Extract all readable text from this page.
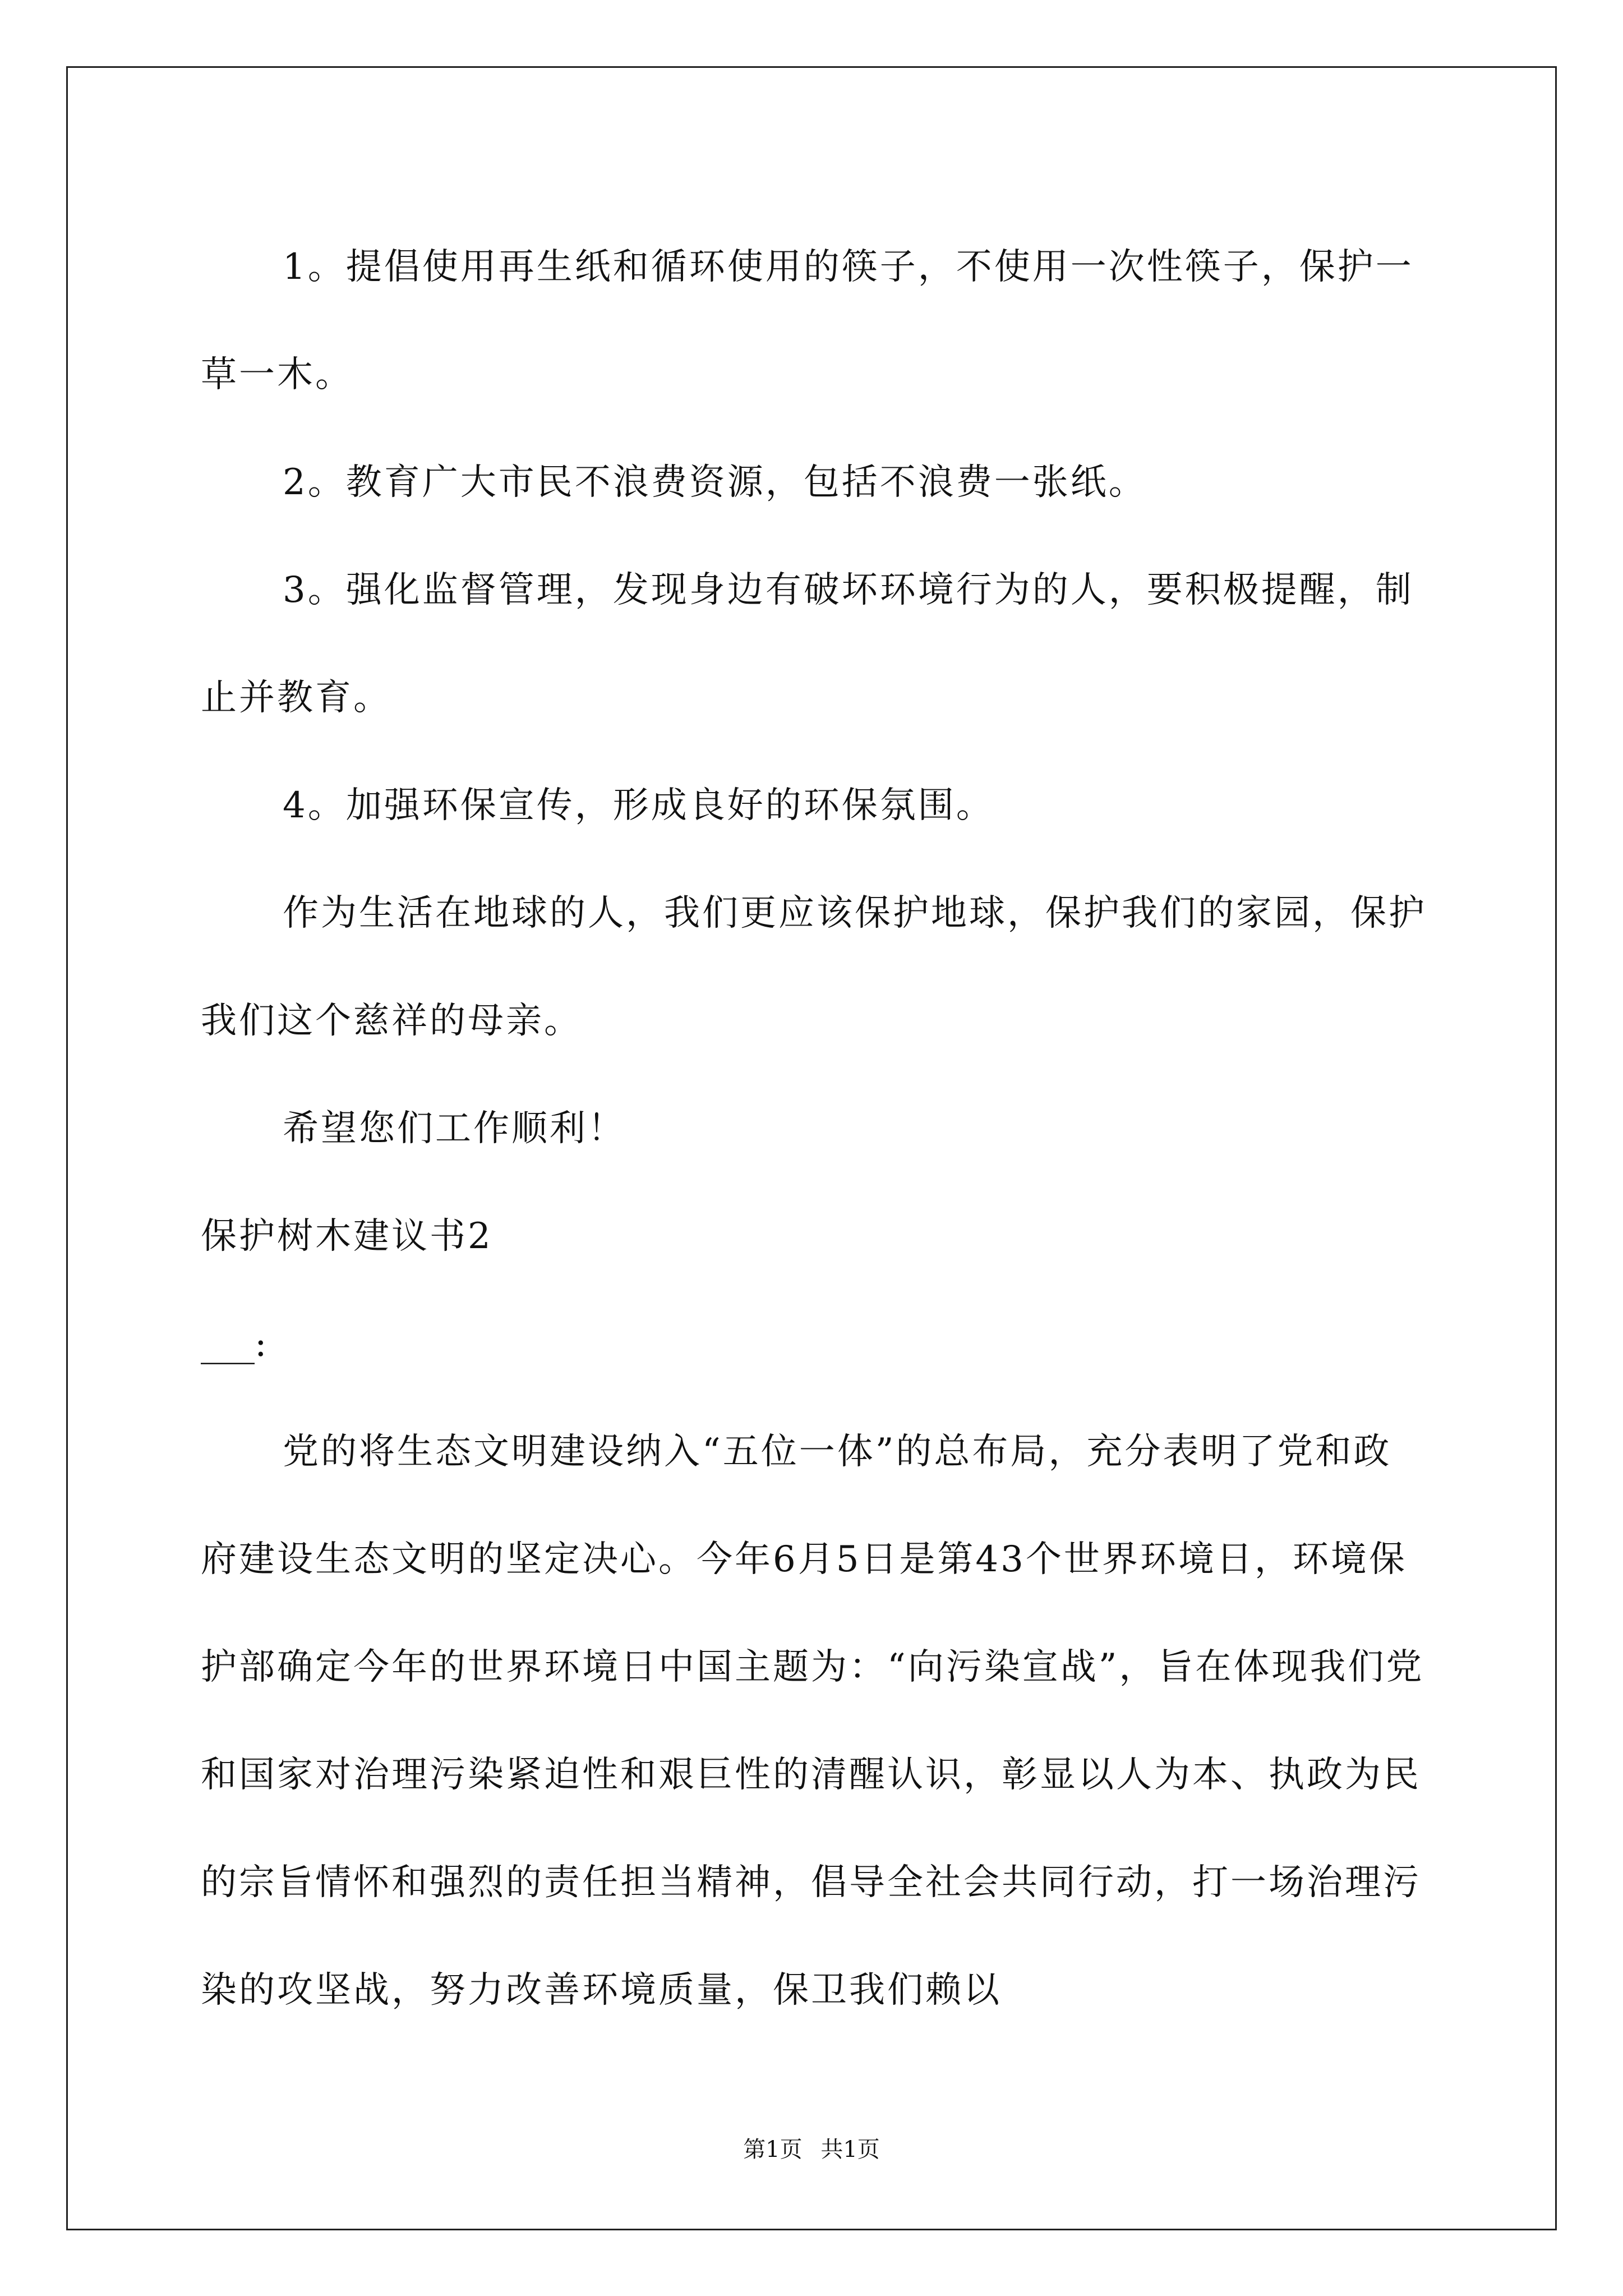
1。提倡使用再生纸和循环使用的筷子，不使用一次性筷子，保护一草一木。

2。教育广大市民不浪费资源，包括不浪费一张纸。

3。强化监督管理，发现身边有破坏环境行为的人，要积极提醒，制止并教育。

4。加强环保宣传，形成良好的环保氛围。

作为生活在地球的人，我们更应该保护地球，保护我们的家园，保护我们这个慈祥的母亲。

希望您们工作顺利！

保护树木建议书2

___:

党的将生态文明建设纳入“五位一体”的总布局，充分表明了党和政府建设生态文明的坚定决心。今年6月5日是第43个世界环境日，环境保护部确定今年的世界环境日中国主题为：“向污染宣战”，旨在体现我们党和国家对治理污染紧迫性和艰巨性的清醒认识，彰显以人为本、执政为民的宗旨情怀和强烈的责任担当精神，倡导全社会共同行动，打一场治理污染的攻坚战，努力改善环境质量，保卫我们赖以

第1页 共1页
